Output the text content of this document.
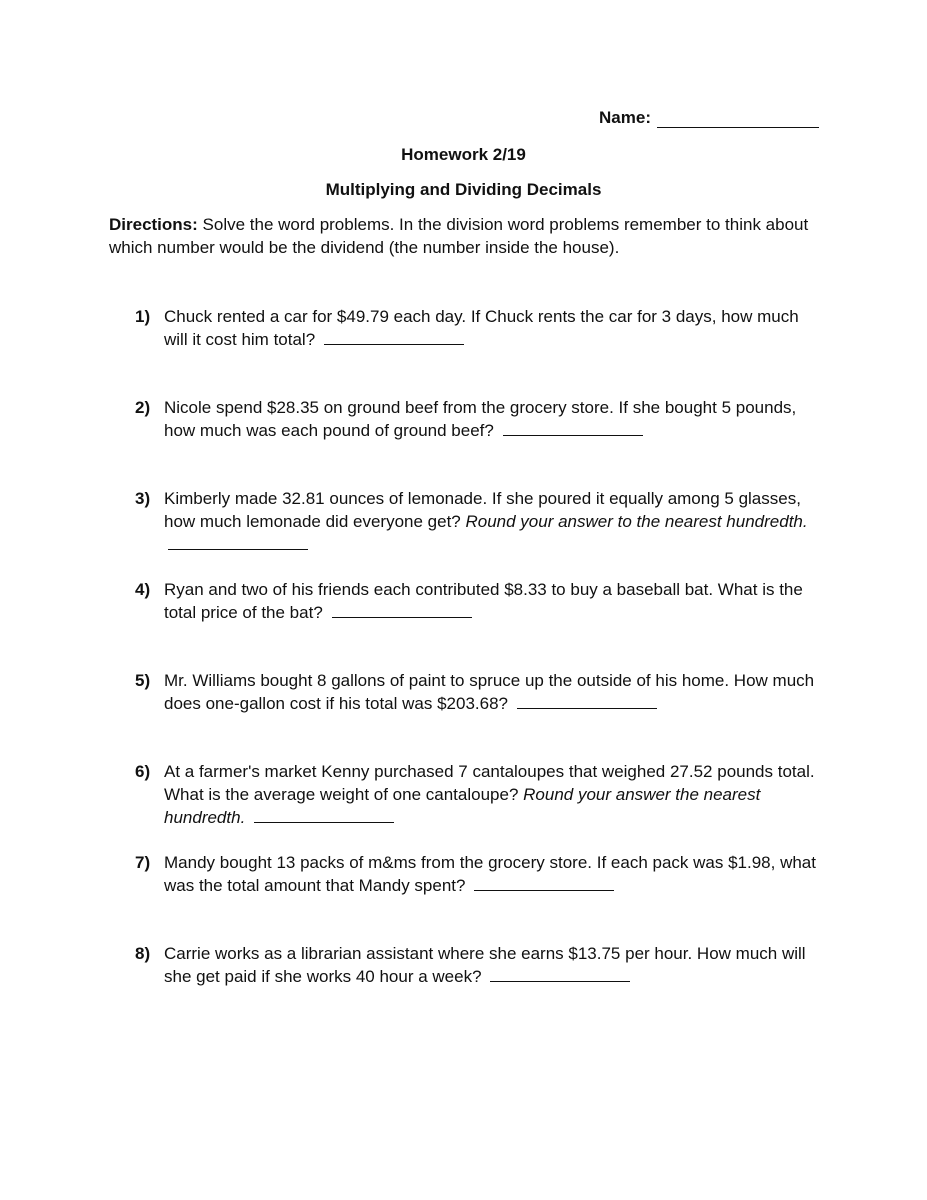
Name:
Homework 2/19
Multiplying and Dividing Decimals
Directions: Solve the word problems. In the division word problems remember to think about which number would be the dividend (the number inside the house).
1) Chuck rented a car for $49.79 each day. If Chuck rents the car for 3 days, how much will it cost him total?
2) Nicole spend $28.35 on ground beef from the grocery store. If she bought 5 pounds, how much was each pound of ground beef?
3) Kimberly made 32.81 ounces of lemonade. If she poured it equally among 5 glasses, how much lemonade did everyone get? Round your answer to the nearest hundredth.
4) Ryan and two of his friends each contributed $8.33 to buy a baseball bat. What is the total price of the bat?
5) Mr. Williams bought 8 gallons of paint to spruce up the outside of his home. How much does one-gallon cost if his total was $203.68?
6) At a farmer's market Kenny purchased 7 cantaloupes that weighed 27.52 pounds total. What is the average weight of one cantaloupe? Round your answer the nearest hundredth.
7) Mandy bought 13 packs of m&ms from the grocery store. If each pack was $1.98, what was the total amount that Mandy spent?
8) Carrie works as a librarian assistant where she earns $13.75 per hour. How much will she get paid if she works 40 hour a week?
